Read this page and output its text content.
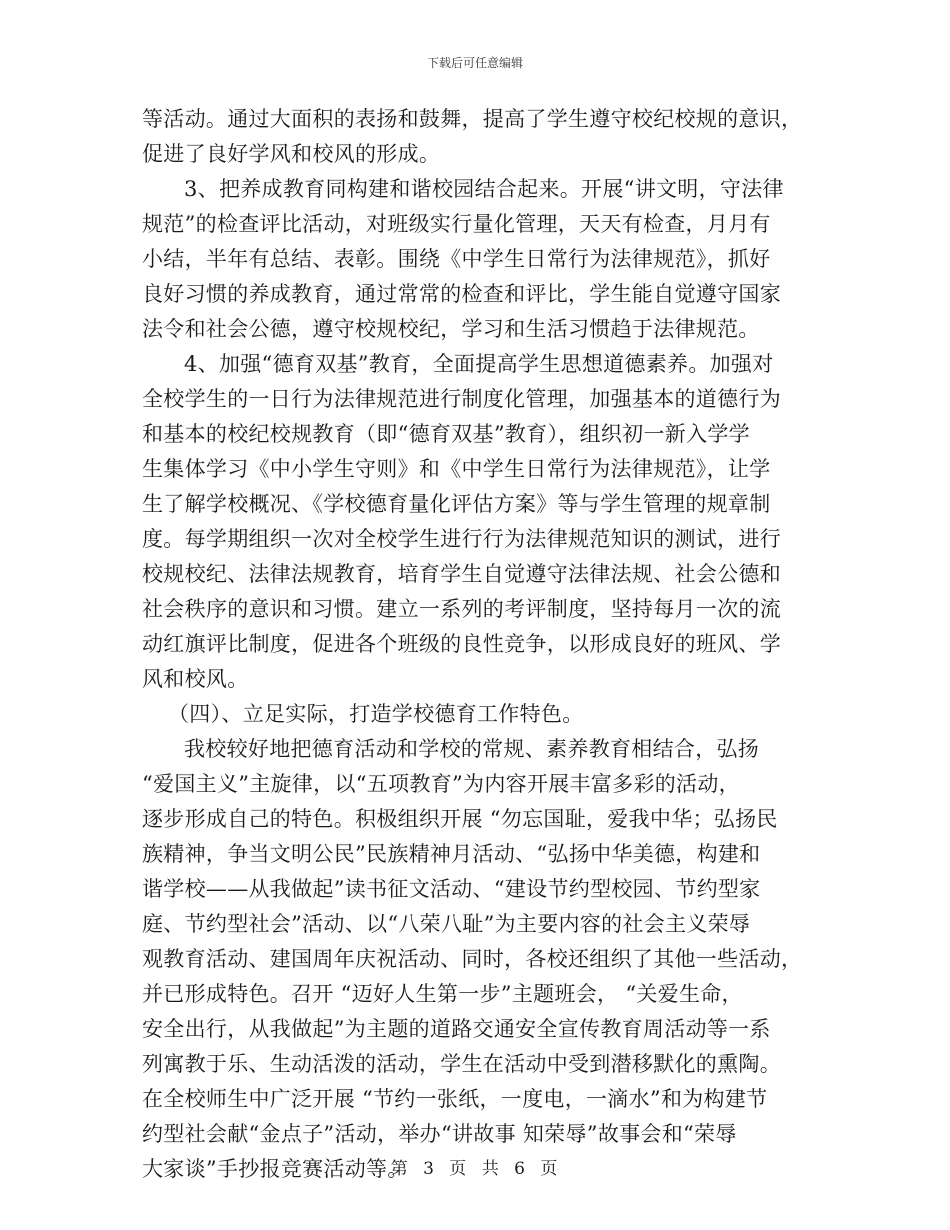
下载后可任意编辑
等活动。通过大面积的表扬和鼓舞，提高了学生遵守校纪校规的意识，
促进了良好学风和校风的形成。
3、把养成教育同构建和谐校园结合起来。开展“讲文明，守法律
规范”的检查评比活动，对班级实行量化管理，天天有检查，月月有
小结，半年有总结、表彰。围绕《中学生日常行为法律规范》，抓好
良好习惯的养成教育，通过常常的检查和评比，学生能自觉遵守国家
法令和社会公德，遵守校规校纪，学习和生活习惯趋于法律规范。
4、加强“德育双基”教育，全面提高学生思想道德素养。加强对
全校学生的一日行为法律规范进行制度化管理，加强基本的道德行为
和基本的校纪校规教育（即“德育双基”教育），组织初一新入学学
生集体学习《中小学生守则》和《中学生日常行为法律规范》，让学
生了解学校概况、《学校德育量化评估方案》等与学生管理的规章制
度。每学期组织一次对全校学生进行行为法律规范知识的测试，进行
校规校纪、法律法规教育，培育学生自觉遵守法律法规、社会公德和
社会秩序的意识和习惯。建立一系列的考评制度，坚持每月一次的流
动红旗评比制度，促进各个班级的良性竞争，以形成良好的班风、学
风和校风。
（四）、立足实际，打造学校德育工作特色。
我校较好地把德育活动和学校的常规、素养教育相结合，弘扬
“爱国主义”主旋律，以“五项教育”为内容开展丰富多彩的活动，
逐步形成自己的特色。积极组织开展 “勿忘国耻，爱我中华；弘扬民
族精神，争当文明公民”民族精神月活动、“弘扬中华美德，构建和
谐学校——从我做起”读书征文活动、“建设节约型校园、节约型家
庭、节约型社会”活动、以“八荣八耻”为主要内容的社会主义荣辱
观教育活动、建国周年庆祝活动、同时，各校还组织了其他一些活动，
并已形成特色。召开 “迈好人生第一步”主题班会， “关爱生命，
安全出行，从我做起”为主题的道路交通安全宣传教育周活动等一系
列寓教于乐、生动活泼的活动，学生在活动中受到潜移默化的熏陶。
在全校师生中广泛开展 “节约一张纸，一度电，一滴水”和为构建节
约型社会献“金点子”活动，举办“讲故事 知荣辱”故事会和“荣辱
大家谈”手抄报竞赛活动等。
第 3 页 共 6 页
